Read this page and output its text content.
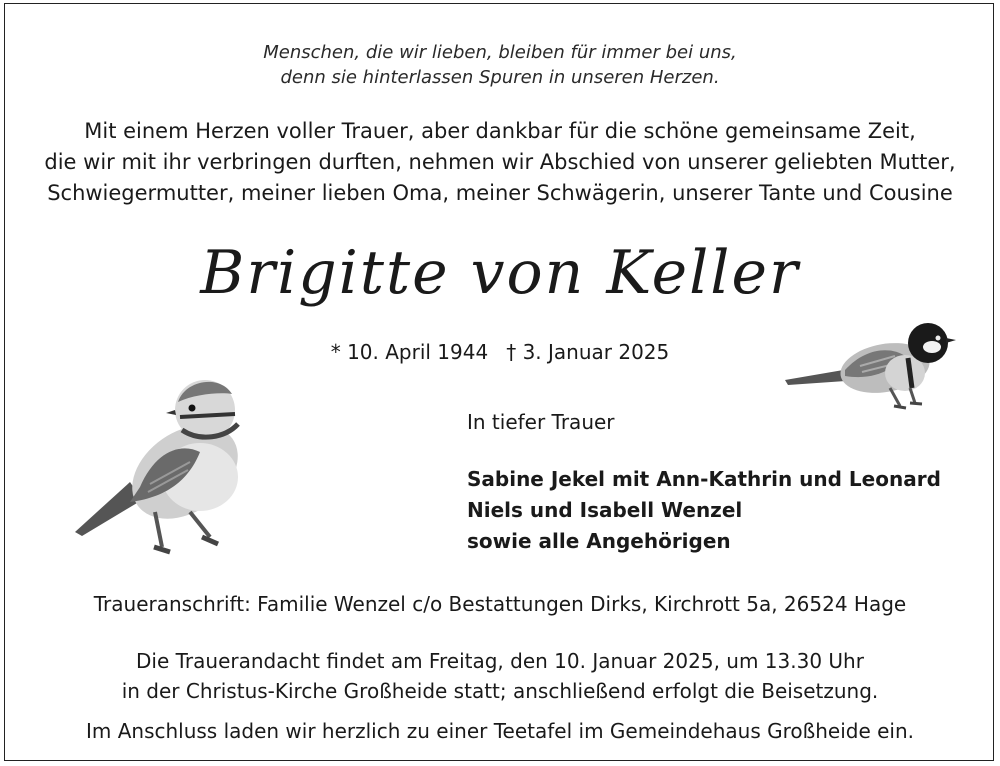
Menschen, die wir lieben, bleiben für immer bei uns,
denn sie hinterlassen Spuren in unseren Herzen.
Mit einem Herzen voller Trauer, aber dankbar für die schöne gemeinsame Zeit,
die wir mit ihr verbringen durften, nehmen wir Abschied von unserer geliebten Mutter,
Schwiegermutter, meiner lieben Oma, meiner Schwägerin, unserer Tante und Cousine
Brigitte von Keller
* 10. April 1944 † 3. Januar 2025
In tiefer Trauer
Sabine Jekel mit Ann-Kathrin und Leonard
Niels und Isabell Wenzel
sowie alle Angehörigen
Traueranschrift: Familie Wenzel c/o Bestattungen Dirks, Kirchrott 5a, 26524 Hage
Die Trauerandacht findet am Freitag, den 10. Januar 2025, um 13.30 Uhr
in der Christus-Kirche Großheide statt; anschließend erfolgt die Beisetzung.
Im Anschluss laden wir herzlich zu einer Teetafel im Gemeindehaus Großheide ein.
